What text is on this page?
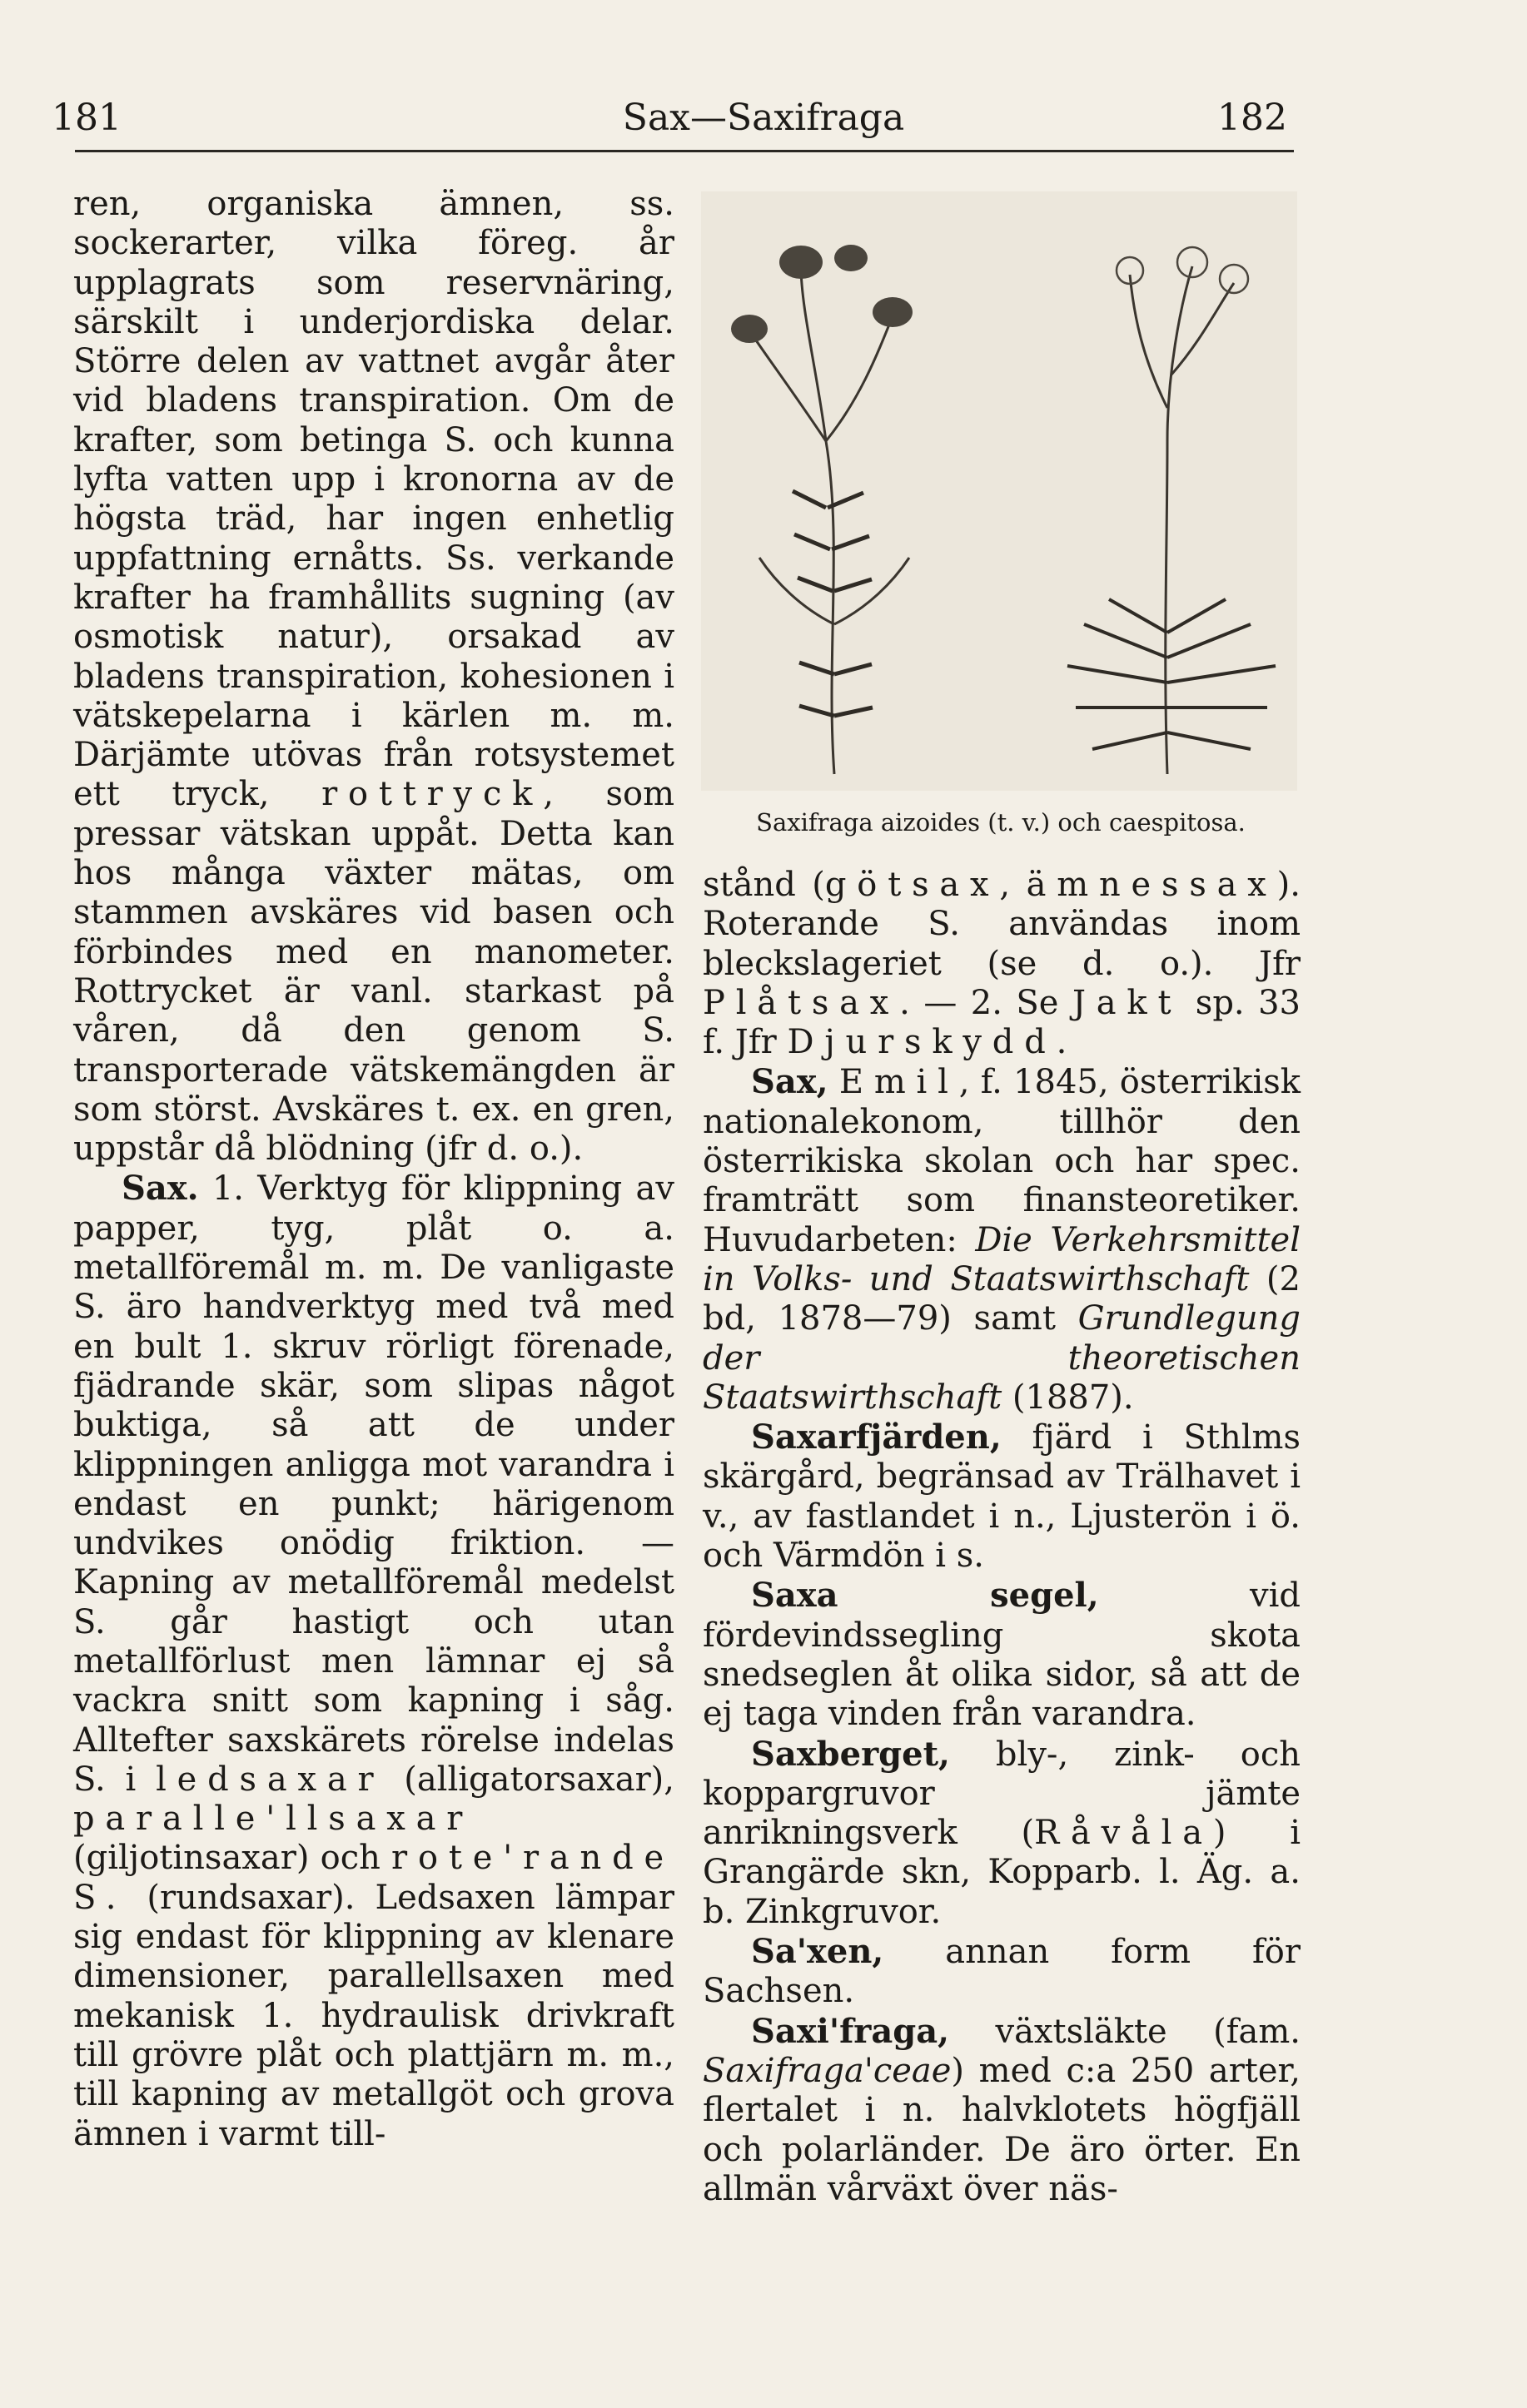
181	Sax—Saxifraga	182

ren, organiska ämnen, ss. sockerarter, vilka föreg. år upplagrats som reservnäring, särskilt i underjordiska delar. Större delen av vattnet avgår åter vid bladens transpiration. Om de krafter, som betinga S. och kunna lyfta vatten upp i kronorna av de högsta träd, har ingen enhetlig uppfattning ernåtts. Ss. verkande krafter ha framhållits sugning (av osmotisk natur), orsakad av bladens transpiration, kohesionen i vätskepelarna i kärlen m. m. Därjämte utövas från rotsystemet ett tryck, rottryck, som pressar vätskan uppåt. Detta kan hos många växter mätas, om stammen avskäres vid basen och förbindes med en manometer. Rottrycket är vanl. starkast på våren, då den genom S. transporterade vätskemängden är som störst. Avskäres t. ex. en gren, uppstår då blödning (jfr d. o.).

Sax. 1. Verktyg för klippning av papper, tyg, plåt o. a. metallföremål m. m. De vanligaste S. äro handverktyg med två med en bult 1. skruv rörligt förenade, fjädrande skär, som slipas något buktiga, så att de under klippningen anligga mot varandra i endast en punkt; härigenom undvikes onödig friktion. — Kapning av metallföremål medelst S. går hastigt och utan metallförlust men lämnar ej så vackra snitt som kapning i såg. Alltefter saxskärets rörelse indelas S. i ledsaxar (alligatorsaxar), paralle'llsaxar (giljotinsaxar) och rote'rande S. (rundsaxar). Ledsaxen lämpar sig endast för klippning av klenare dimensioner, parallellsaxen med mekanisk 1. hydraulisk drivkraft till grövre plåt och plattjärn m. m., till kapning av metallgöt och grova ämnen i varmt till-

Saxifraga aizoides (t. v.) och caespitosa.

stånd (götsax, ämnessax). Roterande S. användas inom bleckslageriet (se d. o.). Jfr Plåtsax. — 2. Se Jakt sp. 33 f. Jfr Djurskydd.

Sax, Emil, f. 1845, österrikisk nationalekonom, tillhör den österrikiska skolan och har spec. framträtt som finansteoretiker. Huvudarbeten: Die Verkehrsmittel in Volks- und Staatswirthschaft (2 bd, 1878—79) samt Grundlegung der theoretischen Staatswirthschaft (1887).

Saxarfjärden, fjärd i Sthlms skärgård, begränsad av Trälhavet i v., av fastlandet i n., Ljusterön i ö. och Värmdön i s.

Saxa segel, vid fördevindssegling skota snedseglen åt olika sidor, så att de ej taga vinden från varandra.

Saxberget, bly-, zink- och koppargruvor jämte anrikningsverk (Råvåla) i Grangärde skn, Kopparb. l. Äg. a. b. Zinkgruvor.

Sa'xen, annan form för Sachsen.

Saxi'fraga, växtsläkte (fam. Saxifraga'ceae) med c:a 250 arter, flertalet i n. halvklotets högfjäll och polarländer. De äro örter. En allmän vårväxt över näs-
